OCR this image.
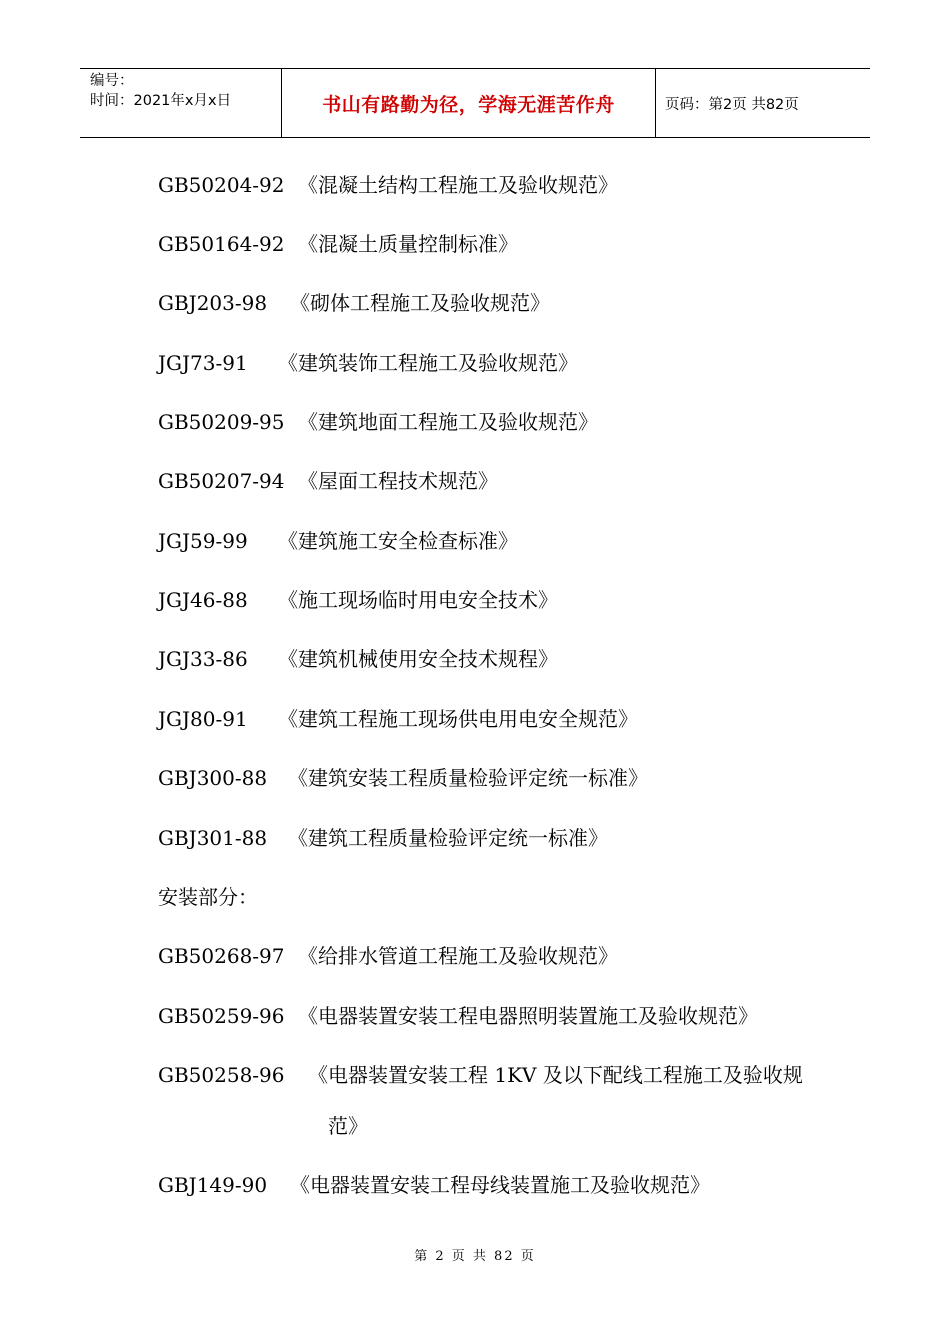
编号：
时间：2021年x月x日	书山有路勤为径，学海无涯苦作舟	页码：第2页 共82页
GB50204-92 《混凝土结构工程施工及验收规范》
GB50164-92 《混凝土质量控制标准》
GBJ203-98 《砌体工程施工及验收规范》
JGJ73-91 《建筑装饰工程施工及验收规范》
GB50209-95 《建筑地面工程施工及验收规范》
GB50207-94 《屋面工程技术规范》
JGJ59-99 《建筑施工安全检查标准》
JGJ46-88 《施工现场临时用电安全技术》
JGJ33-86 《建筑机械使用安全技术规程》
JGJ80-91 《建筑工程施工现场供电用电安全规范》
GBJ300-88 《建筑安装工程质量检验评定统一标准》
GBJ301-88 《建筑工程质量检验评定统一标准》
安装部分：
GB50268-97 《给排水管道工程施工及验收规范》
GB50259-96 《电器装置安装工程电器照明装置施工及验收规范》
GB50258-96 《电器装置安装工程 1KV 及以下配线工程施工及验收规
范》
GBJ149-90 《电器装置安装工程母线装置施工及验收规范》
第 2 页 共 82 页
